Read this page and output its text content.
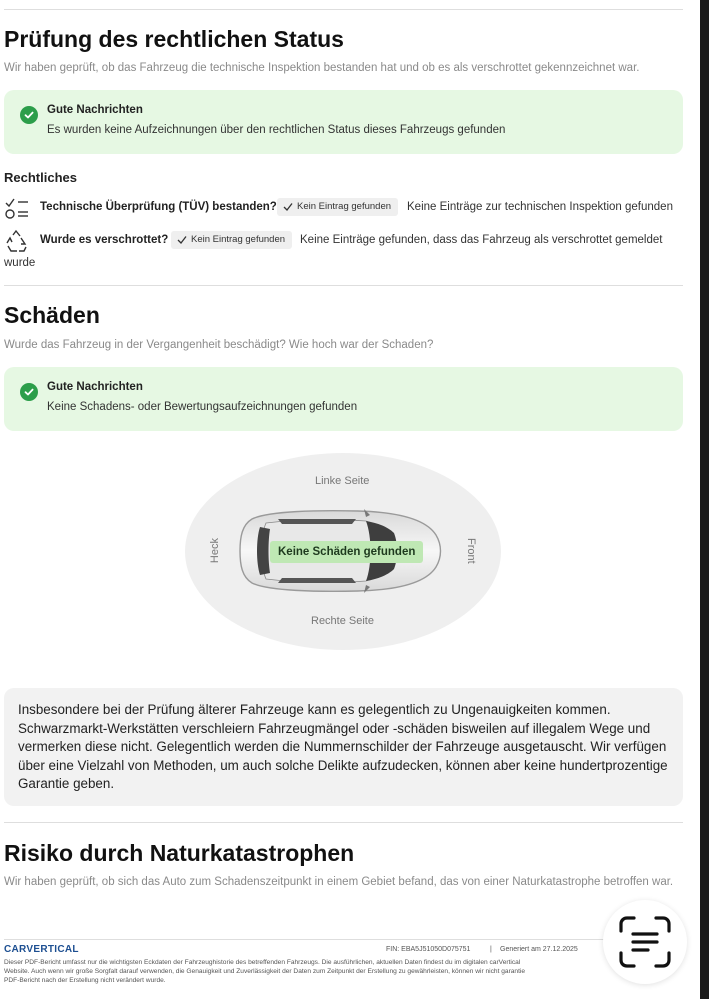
Prüfung des rechtlichen Status
Wir haben geprüft, ob das Fahrzeug die technische Inspektion bestanden hat und ob es als verschrottet gekennzeichnet war.
Gute Nachrichten
Es wurden keine Aufzeichnungen über den rechtlichen Status dieses Fahrzeugs gefunden
Rechtliches
Technische Überprüfung (TÜV) bestanden?	Kein Eintrag gefunden	Keine Einträge zur technischen Inspektion gefunden
Wurde es verschrottet?	Kein Eintrag gefunden	Keine Einträge gefunden, dass das Fahrzeug als verschrottet gemeldet
wurde
Schäden
Wurde das Fahrzeug in der Vergangenheit beschädigt? Wie hoch war der Schaden?
Gute Nachrichten
Keine Schadens- oder Bewertungsaufzeichnungen gefunden
Linke Seite
Rechte Seite
Heck	Front
Keine Schäden gefunden

Insbesondere bei der Prüfung älterer Fahrzeuge kann es gelegentlich zu Ungenauigkeiten kommen. Schwarzmarkt-Werkstätten verschleiern Fahrzeugmängel oder -schäden bisweilen auf illegalem Wege und vermerken diese nicht. Gelegentlich werden die Nummernschilder der Fahrzeuge ausgetauscht. Wir verfügen über eine Vielzahl von Methoden, um auch solche Delikte aufzudecken, können aber keine hundertprozentige Garantie geben.

Risiko durch Naturkatastrophen
Wir haben geprüft, ob sich das Auto zum Schadenszeitpunkt in einem Gebiet befand, das von einer Naturkatastrophe betroffen war.
CARVERTICAL	FIN: EBA5J51050D075751	| Generiert am 27.12.2025
Dieser PDF-Bericht umfasst nur die wichtigsten Eckdaten der Fahrzeughistorie des betreffenden Fahrzeugs. Die ausführlichen, aktuellen Daten findest du im digitalen carVertical
Website. Auch wenn wir große Sorgfalt darauf verwenden, die Genauigkeit und Zuverlässigkeit der Daten zum Zeitpunkt der Erstellung zu gewährleisten, können wir nicht garantie
PDF-Bericht nach der Erstellung nicht verändert wurde.
